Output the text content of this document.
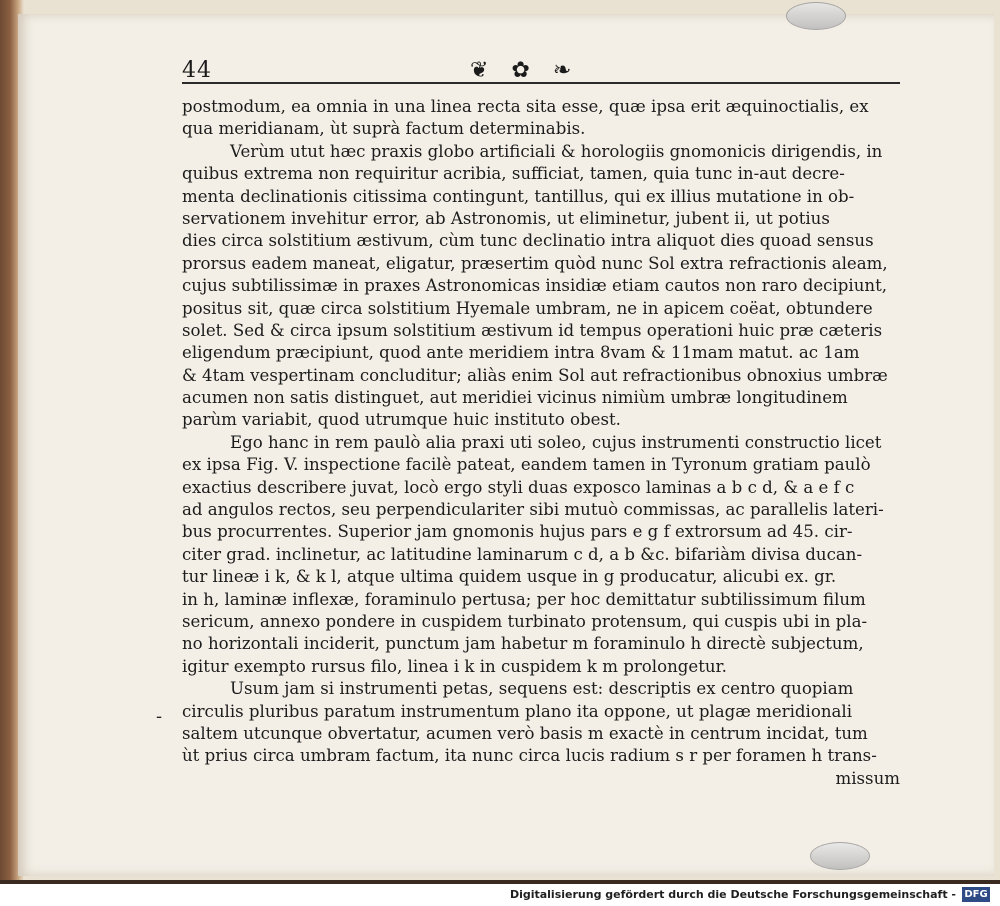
44	❦ ✿ ❧
postmodum, ea omnia in una linea recta sita esse, quæ ipsa erit æquinoctialis, ex
qua meridianam, ùt suprà factum determinabis.
Verùm utut hæc praxis globo artificiali & horologiis gnomonicis dirigendis, in
quibus extrema non requiritur acribia, sufficiat, tamen, quia tunc in-aut decre-
menta declinationis citissima contingunt, tantillus, qui ex illius mutatione in ob-
servationem invehitur error, ab Astronomis, ut eliminetur, jubent ii, ut potius
dies circa solstitium æstivum, cùm tunc declinatio intra aliquot dies quoad sensus
prorsus eadem maneat, eligatur, præsertim quòd nunc Sol extra refractionis aleam,
cujus subtilissimæ in praxes Astronomicas insidiæ etiam cautos non raro decipiunt,
positus sit, quæ circa solstitium Hyemale umbram, ne in apicem coëat, obtundere
solet. Sed & circa ipsum solstitium æstivum id tempus operationi huic præ cæteris
eligendum præcipiunt, quod ante meridiem intra 8vam & 11mam matut. ac 1am
& 4tam vespertinam concluditur; aliàs enim Sol aut refractionibus obnoxius umbræ
acumen non satis distinguet, aut meridiei vicinus nimiùm umbræ longitudinem
parùm variabit, quod utrumque huic instituto obest.
Ego hanc in rem paulò alia praxi uti soleo, cujus instrumenti constructio licet
ex ipsa Fig. V. inspectione facilè pateat, eandem tamen in Tyronum gratiam paulò
exactius describere juvat, locò ergo styli duas exposco laminas a b c d, & a e f c
ad angulos rectos, seu perpendiculariter sibi mutuò commissas, ac parallelis lateri-
bus procurrentes. Superior jam gnomonis hujus pars e g f extrorsum ad 45. cir-
citer grad. inclinetur, ac latitudine laminarum c d, a b &c. bifariàm divisa ducan-
tur lineæ i k, & k l, atque ultima quidem usque in g producatur, alicubi ex. gr.
in h, laminæ inflexæ, foraminulo pertusa; per hoc demittatur subtilissimum filum
sericum, annexo pondere in cuspidem turbinato protensum, qui cuspis ubi in pla-
no horizontali inciderit, punctum jam habetur m foraminulo h directè subjectum,
igitur exempto rursus filo, linea i k in cuspidem k m prolongetur.
Usum jam si instrumenti petas, sequens est: descriptis ex centro quopiam
circulis pluribus paratum instrumentum plano ita oppone, ut plagæ meridionali
saltem utcunque obvertatur, acumen verò basis m exactè in centrum incidat, tum
ùt prius circa umbram factum, ita nunc circa lucis radium s r per foramen h trans-
missum
-
Digitalisierung gefördert durch die Deutsche Forschungsgemeinschaft - DFG
